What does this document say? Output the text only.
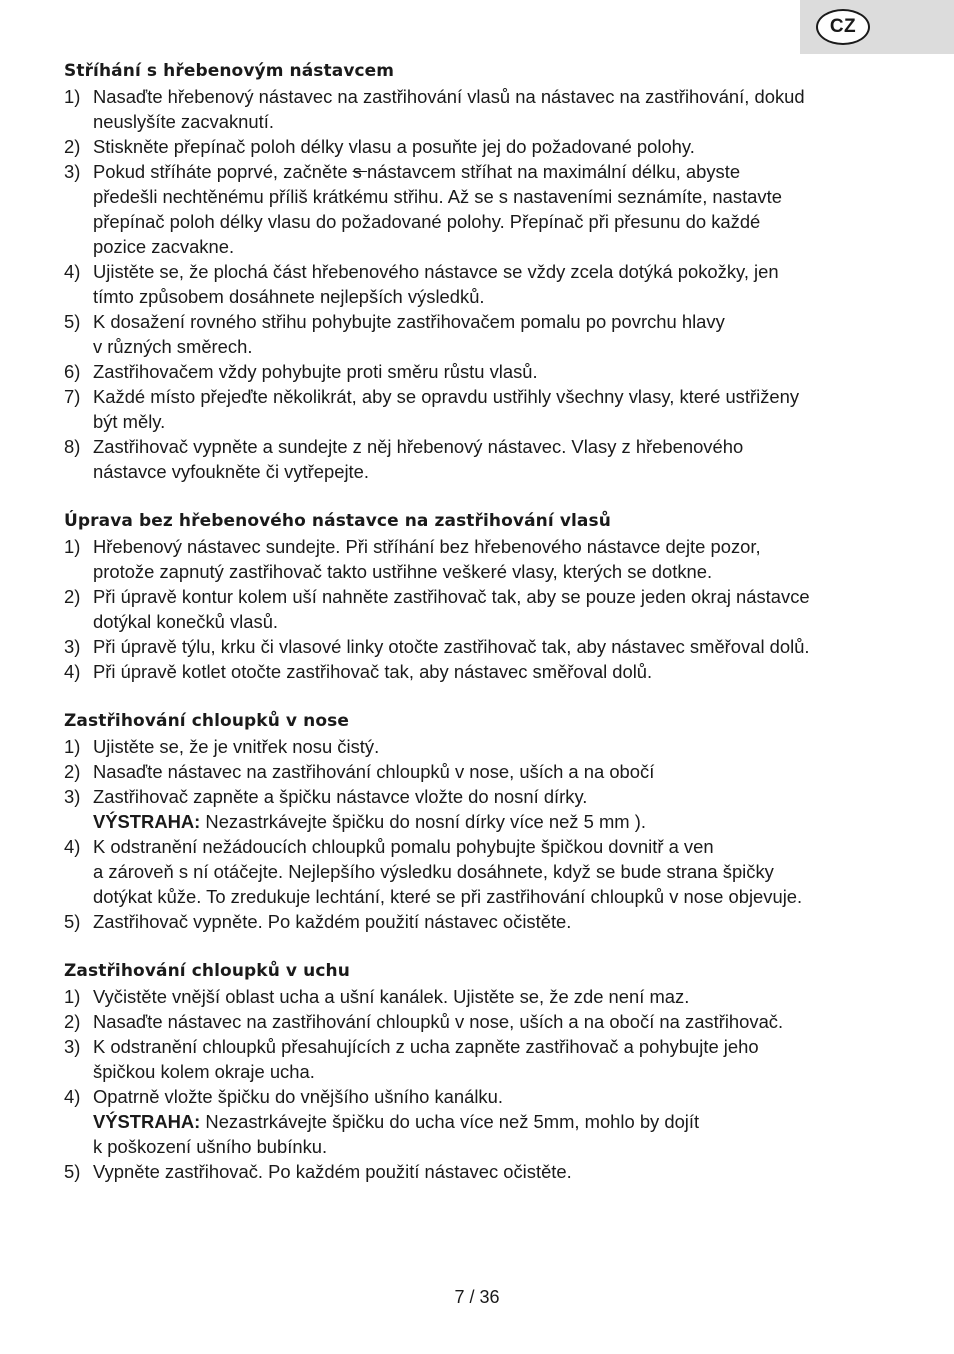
CZ
Stříhání s hřebenovým nástavcem
1) Nasaďte hřebenový nástavec na zastřihování vlasů na nástavec na zastřihování, dokud
neuslyšíte zacvaknutí.
2) Stiskněte přepínač poloh délky vlasu a posuňte jej do požadované polohy.
3) Pokud stříháte poprvé, začněte s nástavcem stříhat na maximální délku, abyste
předešli nechtěnému příliš krátkému střihu. Až se s nastaveními seznámíte, nastavte
přepínač poloh délky vlasu do požadované polohy. Přepínač při přesunu do každé
pozice zacvakne.
4) Ujistěte se, že plochá část hřebenového nástavce se vždy zcela dotýká pokožky, jen
tímto způsobem dosáhnete nejlepších výsledků.
5) K dosažení rovného střihu pohybujte zastřihovačem pomalu po povrchu hlavy
v různých směrech.
6) Zastřihovačem vždy pohybujte proti směru růstu vlasů.
7) Každé místo přejeďte několikrát, aby se opravdu ustřihly všechny vlasy, které ustřiženy
být měly.
8) Zastřihovač vypněte a sundejte z něj hřebenový nástavec. Vlasy z hřebenového
nástavce vyfoukněte či vytřepejte.
Úprava bez hřebenového nástavce na zastřihování vlasů
1) Hřebenový nástavec sundejte. Při stříhání bez hřebenového nástavce dejte pozor,
protože zapnutý zastřihovač takto ustřihne veškeré vlasy, kterých se dotkne.
2) Při úpravě kontur kolem uší nahněte zastřihovač tak, aby se pouze jeden okraj nástavce
dotýkal konečků vlasů.
3) Při úpravě týlu, krku či vlasové linky otočte zastřihovač tak, aby nástavec směřoval dolů.
4) Při úpravě kotlet otočte zastřihovač tak, aby nástavec směřoval dolů.
Zastřihování chloupků v nose
1) Ujistěte se, že je vnitřek nosu čistý.
2) Nasaďte nástavec na zastřihování chloupků v nose, uších a na obočí
3) Zastřihovač zapněte a špičku nástavce vložte do nosní dírky.
VÝSTRAHA: Nezastrkávejte špičku do nosní dírky více než 5 mm ).
4) K odstranění nežádoucích chloupků pomalu pohybujte špičkou dovnitř a ven
a zároveň s ní otáčejte. Nejlepšího výsledku dosáhnete, když se bude strana špičky
dotýkat kůže. To zredukuje lechtání, které se při zastřihování chloupků v nose objevuje.
5) Zastřihovač vypněte. Po každém použití nástavec očistěte.
Zastřihování chloupků v uchu
1) Vyčistěte vnější oblast ucha a ušní kanálek. Ujistěte se, že zde není maz.
2) Nasaďte nástavec na zastřihování chloupků v nose, uších a na obočí na zastřihovač.
3) K odstranění chloupků přesahujících z ucha zapněte zastřihovač a pohybujte jeho
špičkou kolem okraje ucha.
4) Opatrně vložte špičku do vnějšího ušního kanálku.
VÝSTRAHA: Nezastrkávejte špičku do ucha více než 5mm, mohlo by dojít
k poškození ušního bubínku.
5) Vypněte zastřihovač. Po každém použití nástavec očistěte.
7 / 36
